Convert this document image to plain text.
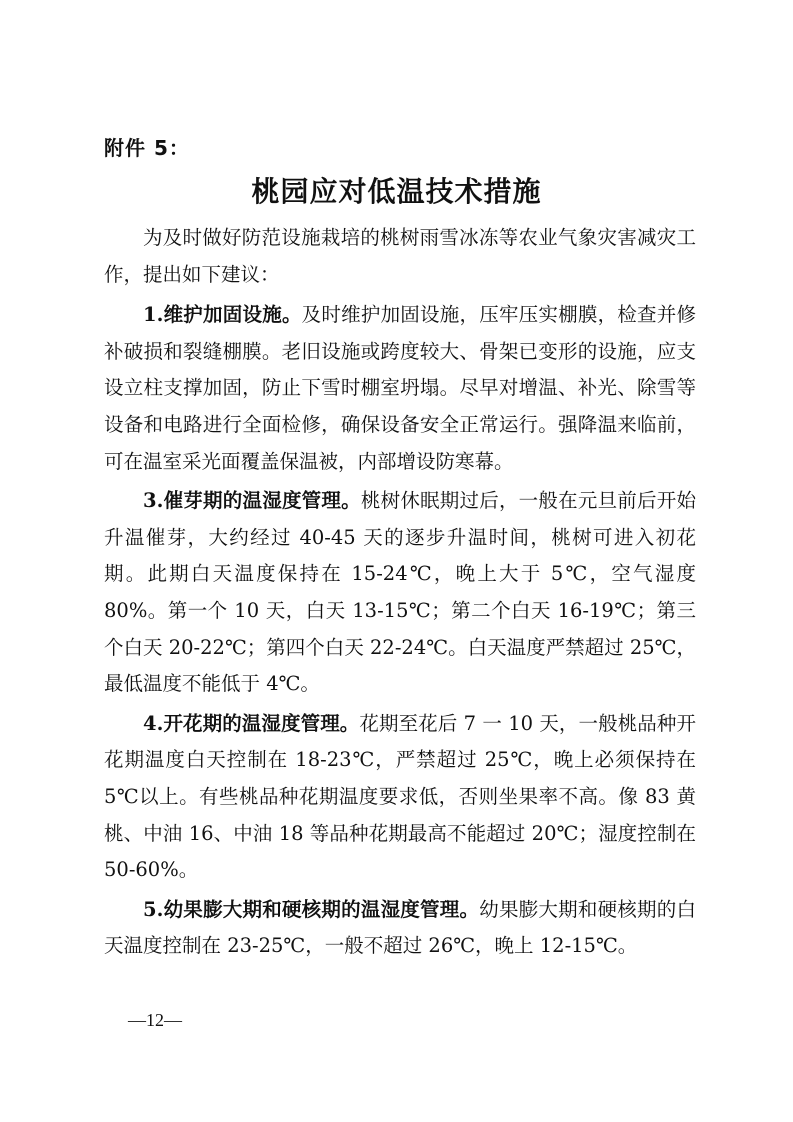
附件 5：
桃园应对低温技术措施

为及时做好防范设施栽培的桃树雨雪冰冻等农业气象灾害减灾工作，提出如下建议：

1.维护加固设施。及时维护加固设施，压牢压实棚膜，检查并修补破损和裂缝棚膜。老旧设施或跨度较大、骨架已变形的设施，应支设立柱支撑加固，防止下雪时棚室坍塌。尽早对增温、补光、除雪等设备和电路进行全面检修，确保设备安全正常运行。强降温来临前，可在温室采光面覆盖保温被，内部增设防寒幕。

3.催芽期的温湿度管理。桃树休眠期过后，一般在元旦前后开始升温催芽，大约经过 40-45 天的逐步升温时间，桃树可进入初花期。此期白天温度保持在 15-24℃，晚上大于 5℃，空气湿度 80%。第一个 10 天，白天 13-15℃；第二个白天 16-19℃；第三个白天 20-22℃；第四个白天 22-24℃。白天温度严禁超过 25℃，最低温度不能低于 4℃。

4.开花期的温湿度管理。花期至花后 7 一 10 天，一般桃品种开花期温度白天控制在 18-23℃，严禁超过 25℃，晚上必须保持在 5℃以上。有些桃品种花期温度要求低，否则坐果率不高。像 83 黄桃、中油 16、中油 18 等品种花期最高不能超过 20℃；湿度控制在 50-60%。

5.幼果膨大期和硬核期的温湿度管理。幼果膨大期和硬核期的白天温度控制在 23-25℃，一般不超过 26℃，晚上 12-15℃。

—12—
